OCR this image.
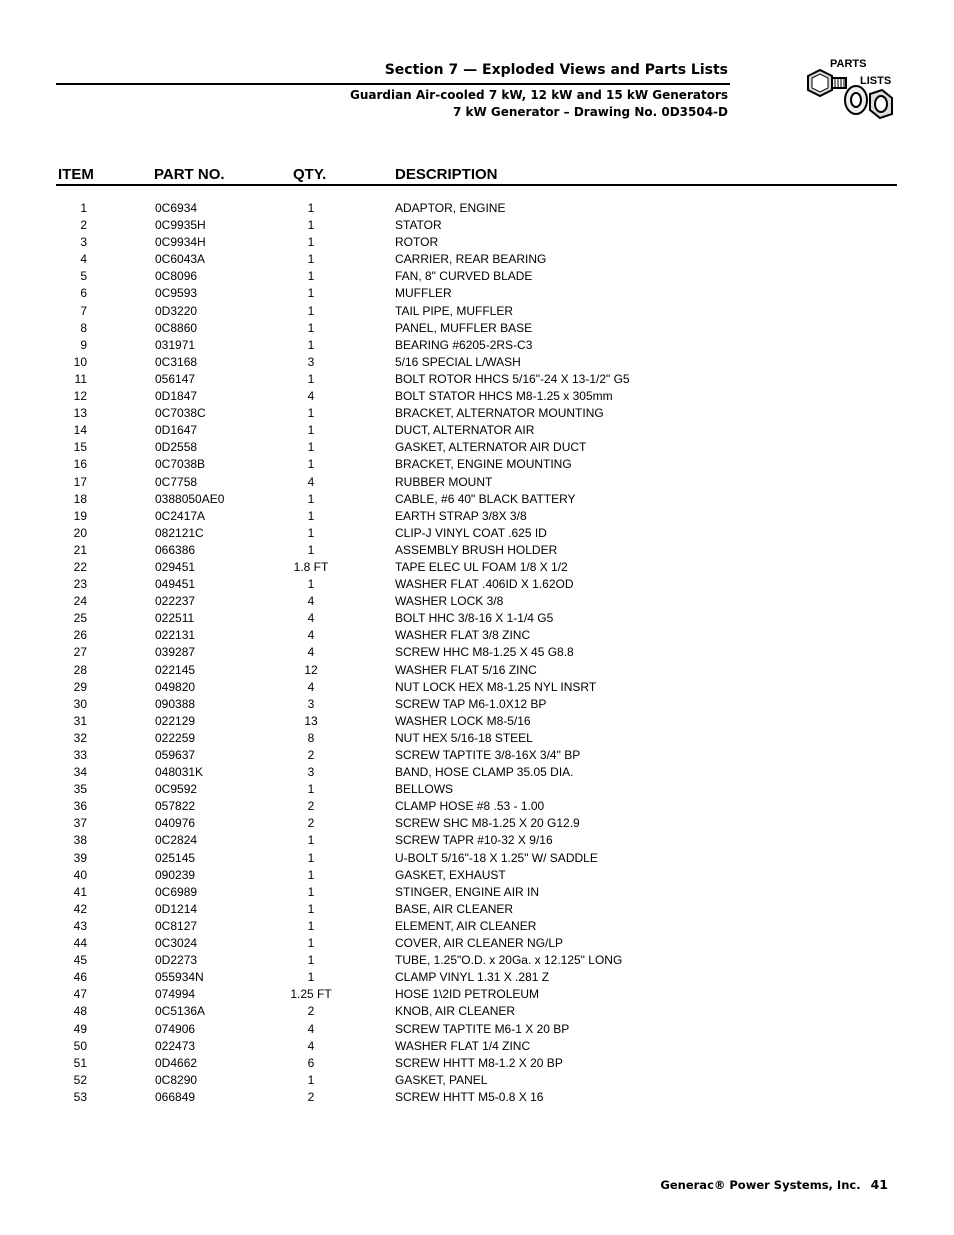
Section 7 — Exploded Views and Parts Lists
Guardian Air-cooled 7 kW, 12 kW and 15 kW Generators
7 kW Generator – Drawing No. 0D3504-D
PARTS
LISTS
ITEM	PART NO.	QTY.	DESCRIPTION
1	0C6934	1	ADAPTOR, ENGINE
2	0C9935H	1	STATOR
3	0C9934H	1	ROTOR
4	0C6043A	1	CARRIER, REAR BEARING
5	0C8096	1	FAN, 8" CURVED BLADE
6	0C9593	1	MUFFLER
7	0D3220	1	TAIL PIPE, MUFFLER
8	0C8860	1	PANEL, MUFFLER BASE
9	031971	1	BEARING #6205-2RS-C3
10	0C3168	3	5/16 SPECIAL L/WASH
11	056147	1	BOLT ROTOR HHCS 5/16"-24 X 13-1/2" G5
12	0D1847	4	BOLT STATOR HHCS M8-1.25 x 305mm
13	0C7038C	1	BRACKET, ALTERNATOR MOUNTING
14	0D1647	1	DUCT, ALTERNATOR AIR
15	0D2558	1	GASKET, ALTERNATOR AIR DUCT
16	0C7038B	1	BRACKET, ENGINE MOUNTING
17	0C7758	4	RUBBER MOUNT
18	0388050AE0	1	CABLE, #6 40" BLACK BATTERY
19	0C2417A	1	EARTH STRAP 3/8X 3/8
20	082121C	1	CLIP-J VINYL COAT .625 ID
21	066386	1	ASSEMBLY BRUSH HOLDER
22	029451	1.8 FT	TAPE ELEC UL FOAM 1/8 X 1/2
23	049451	1	WASHER FLAT .406ID X 1.62OD
24	022237	4	WASHER LOCK 3/8
25	022511	4	BOLT HHC 3/8-16 X 1-1/4 G5
26	022131	4	WASHER FLAT 3/8 ZINC
27	039287	4	SCREW HHC M8-1.25 X 45 G8.8
28	022145	12	WASHER FLAT 5/16 ZINC
29	049820	4	NUT LOCK HEX M8-1.25 NYL INSRT
30	090388	3	SCREW TAP M6-1.0X12 BP
31	022129	13	WASHER LOCK M8-5/16
32	022259	8	NUT HEX 5/16-18 STEEL
33	059637	2	SCREW TAPTITE 3/8-16X 3/4" BP
34	048031K	3	BAND, HOSE CLAMP 35.05 DIA.
35	0C9592	1	BELLOWS
36	057822	2	CLAMP HOSE #8 .53 - 1.00
37	040976	2	SCREW SHC M8-1.25 X 20 G12.9
38	0C2824	1	SCREW TAPR #10-32 X 9/16
39	025145	1	U-BOLT 5/16"-18 X 1.25" W/ SADDLE
40	090239	1	GASKET, EXHAUST
41	0C6989	1	STINGER, ENGINE AIR IN
42	0D1214	1	BASE, AIR CLEANER
43	0C8127	1	ELEMENT, AIR CLEANER
44	0C3024	1	COVER, AIR CLEANER NG/LP
45	0D2273	1	TUBE, 1.25"O.D. x 20Ga. x 12.125" LONG
46	055934N	1	CLAMP VINYL 1.31 X .281 Z
47	074994	1.25 FT	HOSE 1\2ID PETROLEUM
48	0C5136A	2	KNOB, AIR CLEANER
49	074906	4	SCREW TAPTITE M6-1 X 20 BP
50	022473	4	WASHER FLAT 1/4 ZINC
51	0D4662	6	SCREW HHTT M8-1.2 X 20 BP
52	0C8290	1	GASKET, PANEL
53	066849	2	SCREW HHTT M5-0.8 X 16
Generac® Power Systems, Inc. 41
